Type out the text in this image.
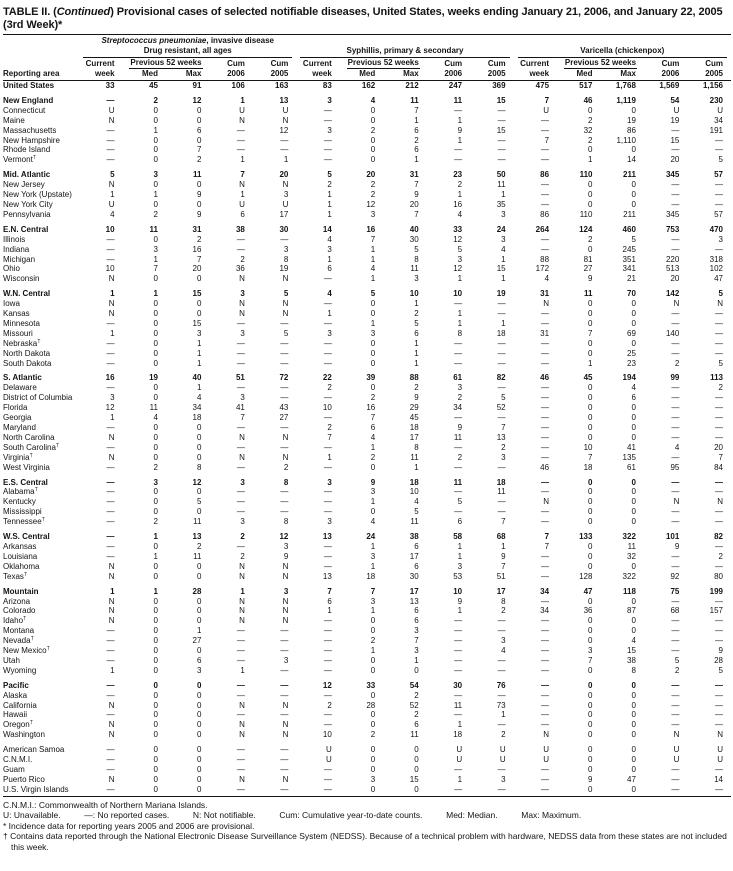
TABLE II. (Continued) Provisional cases of selected notifiable diseases, United States, weeks ending January 21, 2006, and January 22, 2005 (3rd Week)*

	Streptococcus pneumoniae, invasive disease
Drug resistant, all ages					Syphillis, primary & secondary					Varicella (chickenpox)				

	Current	Previous 52 weeks		Cum	Cum	Current	Previous 52 weeks		Cum	Cum	Current	Previous 52 weeks		Cum	Cum
Reporting area	week	Med	Max	2006	2005	week	Med	Max	2006	2005	week	Med	Max	2006	2005
United States	33	45	91	106	163	83	162	212	247	369	475	517	1,768	1,569	1,156

New England	—	2	12	1	13	3	4	11	11	15	7	46	1,119	54	230
Connecticut	U	0	0	U	U	—	0	7	—	—	U	0	0	U	U
Maine	N	0	0	N	N	—	0	1	1	—	—	2	19	19	34
Massachusetts	—	1	6	—	12	3	2	6	9	15	—	32	86	—	191
New Hampshire	—	0	0	—	—	—	0	2	1	—	7	2	1,110	15	—
Rhode Island	—	0	7	—	—	—	0	6	—	—	—	0	0	—	—
Vermont†	—	0	2	1	1	—	0	1	—	—	—	1	14	20	5

Mid. Atlantic	5	3	11	7	20	5	20	31	23	50	86	110	211	345	57
New Jersey	N	0	0	N	N	2	2	7	2	11	—	0	0	—	—
New York (Upstate)	1	1	9	1	3	1	2	9	1	1	—	0	0	—	—
New York City	U	0	0	U	U	1	12	20	16	35	—	0	0	—	—
Pennsylvania	4	2	9	6	17	1	3	7	4	3	86	110	211	345	57

E.N. Central	10	11	31	38	30	14	16	40	33	24	264	124	460	753	470
Illinois	—	0	2	—	—	4	7	30	12	3	—	2	5	—	3
Indiana	—	3	16	—	3	3	1	5	5	4	—	0	245	—	—
Michigan	—	1	7	2	8	1	1	8	3	1	88	81	351	220	318
Ohio	10	7	20	36	19	6	4	11	12	15	172	27	341	513	102
Wisconsin	N	0	0	N	N	—	1	3	1	1	4	9	21	20	47

W.N. Central	1	1	15	3	5	4	5	10	10	19	31	11	70	142	5
Iowa	N	0	0	N	N	—	0	1	—	—	N	0	0	N	N
Kansas	N	0	0	N	N	1	0	2	1	—	—	0	0	—	—
Minnesota	—	0	15	—	—	—	1	5	1	1	—	0	0	—	—
Missouri	1	0	3	3	5	3	3	6	8	18	31	7	69	140	—
Nebraska†	—	0	1	—	—	—	0	1	—	—	—	0	0	—	—
North Dakota	—	0	1	—	—	—	0	1	—	—	—	0	25	—	—
South Dakota	—	0	1	—	—	—	0	1	—	—	—	1	23	2	5

S. Atlantic	16	19	40	51	72	22	39	88	61	82	46	45	194	99	113
Delaware	—	0	1	—	—	2	0	2	3	—	—	0	4	—	2
District of Columbia	3	0	4	3	—	—	2	9	2	5	—	0	6	—	—
Florida	12	11	34	41	43	10	16	29	34	52	—	0	0	—	—
Georgia	1	4	18	7	27	—	7	45	—	—	—	0	0	—	—
Maryland	—	0	0	—	—	2	6	18	9	7	—	0	0	—	—
North Carolina	N	0	0	N	N	7	4	17	11	13	—	0	0	—	—
South Carolina†	—	0	0	—	—	—	1	8	—	2	—	10	41	4	20
Virginia†	N	0	0	N	N	1	2	11	2	3	—	7	135	—	7
West Virginia	—	2	8	—	2	—	0	1	—	—	46	18	61	95	84

E.S. Central	—	3	12	3	8	3	9	18	11	18	—	0	0	—	—
Alabama†	—	0	0	—	—	—	3	10	—	11	—	0	0	—	—
Kentucky	—	0	5	—	—	—	1	4	5	—	N	0	0	N	N
Mississippi	—	0	0	—	—	—	0	5	—	—	—	0	0	—	—
Tennessee†	—	2	11	3	8	3	4	11	6	7	—	0	0	—	—

W.S. Central	—	1	13	2	12	13	24	38	58	68	7	133	322	101	82
Arkansas	—	0	2	—	3	—	1	6	1	1	7	0	11	9	—
Louisiana	—	1	11	2	9	—	3	17	1	9	—	0	32	—	2
Oklahoma	N	0	0	N	N	—	1	6	3	7	—	0	0	—	—
Texas†	N	0	0	N	N	13	18	30	53	51	—	128	322	92	80

Mountain	1	1	28	1	3	7	7	17	10	17	34	47	118	75	199
Arizona	N	0	0	N	N	6	3	13	9	8	—	0	0	—	—
Colorado	N	0	0	N	N	1	1	6	1	2	34	36	87	68	157
Idaho†	N	0	0	N	N	—	0	6	—	—	—	0	0	—	—
Montana	—	0	1	—	—	—	0	3	—	—	—	0	0	—	—
Nevada†	—	0	27	—	—	—	2	7	—	3	—	0	4	—	—
New Mexico†	—	0	0	—	—	—	1	3	—	4	—	3	15	—	9
Utah	—	0	6	—	3	—	0	1	—	—	—	7	38	5	28
Wyoming	1	0	3	1	—	—	0	0	—	—	—	0	8	2	5

Pacific	—	0	0	—	—	12	33	54	30	76	—	0	0	—	—
Alaska	—	0	0	—	—	—	0	2	—	—	—	0	0	—	—
California	N	0	0	N	N	2	28	52	11	73	—	0	0	—	—
Hawaii	—	0	0	—	—	—	0	2	—	1	—	0	0	—	—
Oregon†	N	0	0	N	N	—	0	6	1	—	—	0	0	—	—
Washington	N	0	0	N	N	10	2	11	18	2	N	0	0	N	N

American Samoa	—	0	0	—	—	U	0	0	U	U	U	0	0	U	U
C.N.M.I.	—	0	0	—	—	U	0	0	U	U	U	0	0	U	U
Guam	—	0	0	—	—	—	0	0	—	—	—	0	0	—	—
Puerto Rico	N	0	0	N	N	—	3	15	1	3	—	9	47	—	14
U.S. Virgin Islands	—	0	0	—	—	—	0	0	—	—	—	0	0	—	—
C.N.M.I.: Commonwealth of Northern Mariana Islands.
U: Unavailable.          —: No reported cases.          N: Not notifiable.          Cum: Cumulative year-to-date counts.          Med: Median.          Max: Maximum.
* Incidence data for reporting years 2005 and 2006 are provisional.
† Contains data reported through the National Electronic Disease Surveillance System (NEDSS). Because of a technical problem with hardware, NEDSS data from these states are not included this week.
